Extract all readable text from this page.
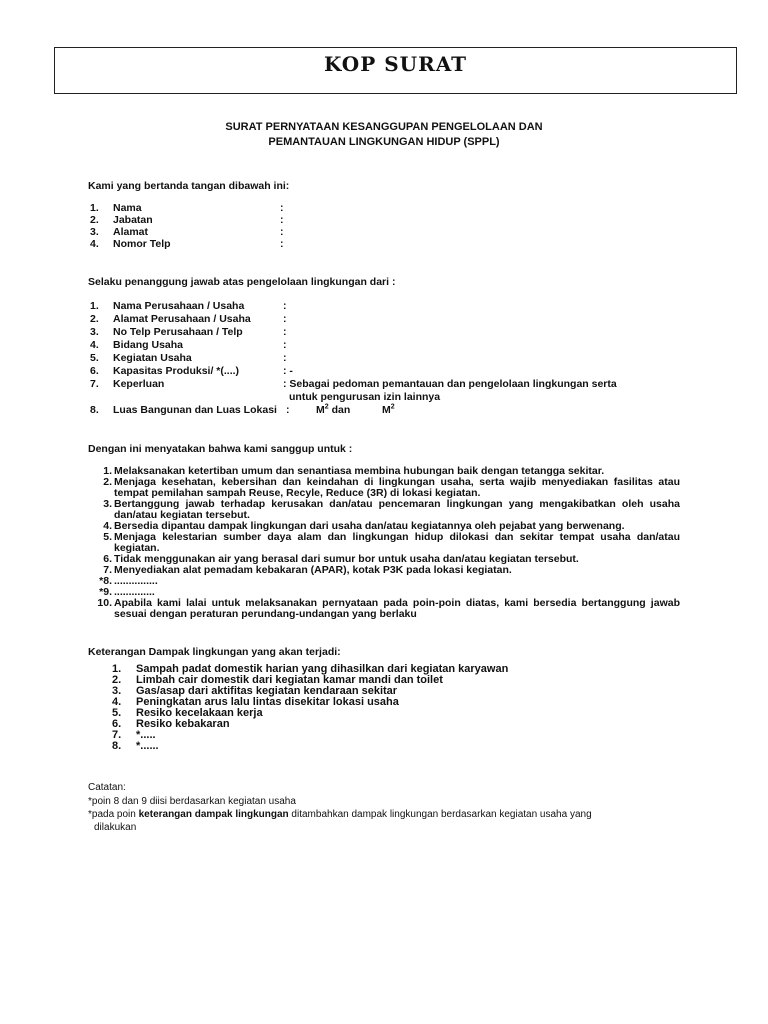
KOP SURAT
SURAT PERNYATAAN KESANGGUPAN PENGELOLAAN DAN
PEMANTAUAN LINGKUNGAN HIDUP (SPPL)
Kami yang bertanda tangan dibawah ini:
1. Nama	:
2. Jabatan	:
3. Alamat	:
4. Nomor Telp	:
Selaku penanggung jawab atas pengelolaan lingkungan dari :
1. Nama Perusahaan / Usaha	:
2. Alamat Perusahaan / Usaha	:
3. No Telp Perusahaan / Telp	:
4. Bidang Usaha	:
5. Kegiatan Usaha	:
6. Kapasitas Produksi/ *(....)	: -
7. Keperluan	: Sebagai pedoman pemantauan dan pengelolaan lingkungan serta
untuk pengurusan izin lainnya
8. Luas Bangunan dan Luas Lokasi :	$M^2$ dan	$M^2$
Dengan ini menyatakan bahwa kami sanggup untuk :
1. Melaksanakan ketertiban umum dan senantiasa membina hubungan baik dengan tetangga sekitar.
2. Menjaga kesehatan, kebersihan dan keindahan di lingkungan usaha, serta wajib menyediakan fasilitas atau tempat pemilahan sampah Reuse, Recyle, Reduce (3R) di lokasi kegiatan.
3. Bertanggung jawab terhadap kerusakan dan/atau pencemaran lingkungan yang mengakibatkan oleh usaha dan/atau kegiatan tersebut.
4. Bersedia dipantau dampak lingkungan dari usaha dan/atau kegiatannya oleh pejabat yang berwenang.
5. Menjaga kelestarian sumber daya alam dan lingkungan hidup dilokasi dan sekitar tempat usaha dan/atau kegiatan.
6. Tidak menggunakan air yang berasal dari sumur bor untuk usaha dan/atau kegiatan tersebut.
7. Menyediakan alat pemadam kebakaran (APAR), kotak P3K pada lokasi kegiatan.
*8. ...............
*9. ..............
10. Apabila kami lalai untuk melaksanakan pernyataan pada poin-poin diatas, kami bersedia bertanggung jawab sesuai dengan peraturan perundang-undangan yang berlaku
Keterangan Dampak lingkungan yang akan terjadi:
1. Sampah padat domestik harian yang dihasilkan dari kegiatan karyawan
2. Limbah cair domestik dari kegiatan kamar mandi dan toilet
3. Gas/asap dari aktifitas kegiatan kendaraan sekitar
4. Peningkatan arus lalu lintas disekitar lokasi usaha
5. Resiko kecelakaan kerja
6. Resiko kebakaran
7. *.....
8. *......
Catatan:
*poin 8 dan 9 diisi berdasarkan kegiatan usaha
*pada poin keterangan dampak lingkungan ditambahkan dampak lingkungan berdasarkan kegiatan usaha yang
dilakukan
